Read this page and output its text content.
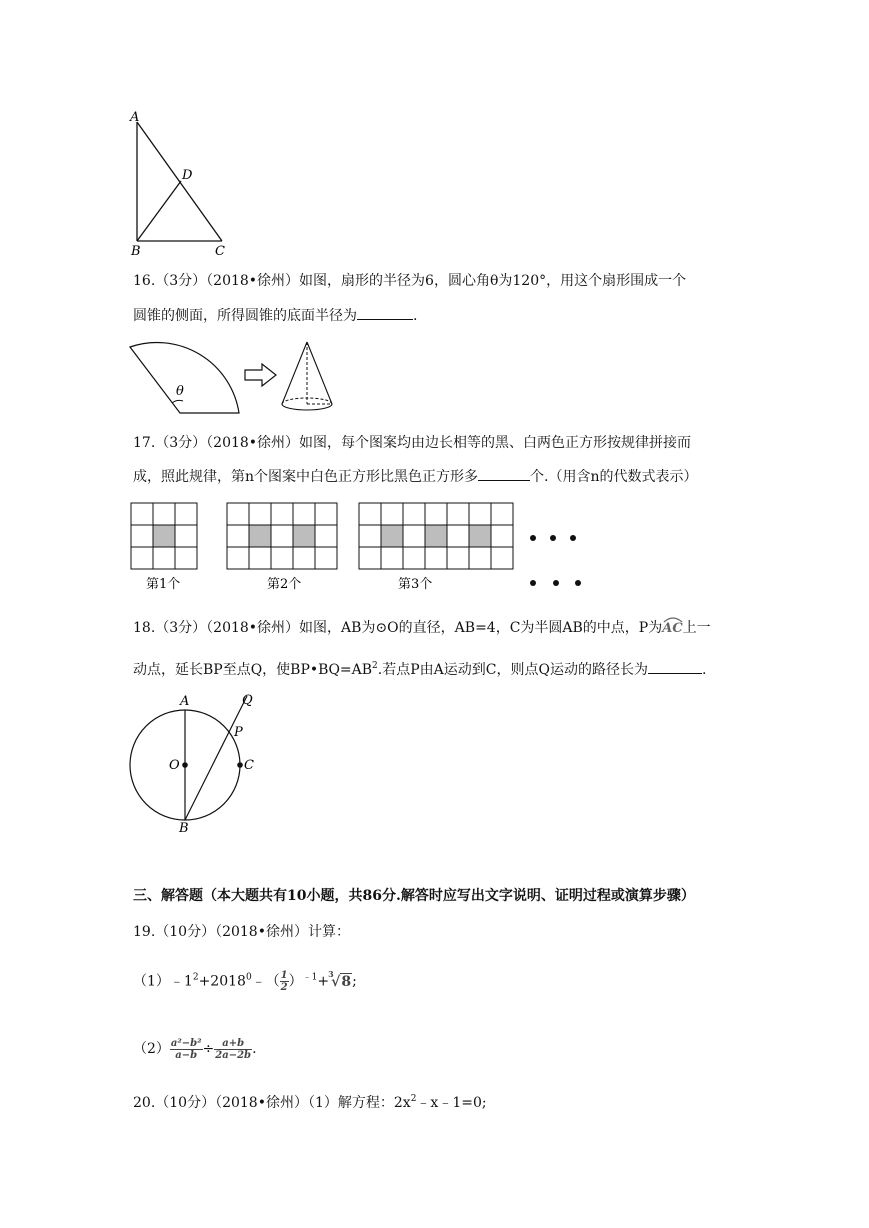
A
D
B	C
16.（3分）（2018•徐州）如图，扇形的半径为6，圆心角θ为120°，用这个扇形围成一个
圆锥的侧面，所得圆锥的底面半径为	.
θ
17.（3分）（2018•徐州）如图，每个图案均由边长相等的黑、白两色正方形按规律拼接而
成，照此规律，第n个图案中白色正方形比黑色正方形多	个.（用含n的代数式表示）
第1个	第2个	第3个
18.（3分）（2018•徐州）如图，AB为⊙O的直径，AB=4，C为半圆AB的中点，P为
AC上一
动点，延长BP至点Q，使$BP•BQ=AB^2$.若点P由A运动到C，则点Q运动的路径长为	.
A
O	C
P
Q
B
三、解答题（本大题共有10小题，共86分.解答时应写出文字说明、证明过程或演算步骤）
19.（10分）（2018•徐州）计算：
$(1)﹣1^2+2018^0﹣( \frac{1}{2} )^{﹣1}+ 3$
√8;
$(2) \frac{\text{a²−b²}}{a-b} \div \frac{a+b}{2a-2b}$ .
20.（10分）（2018•徐州）（1）解方程：$2x^2﹣x﹣1=0$;
